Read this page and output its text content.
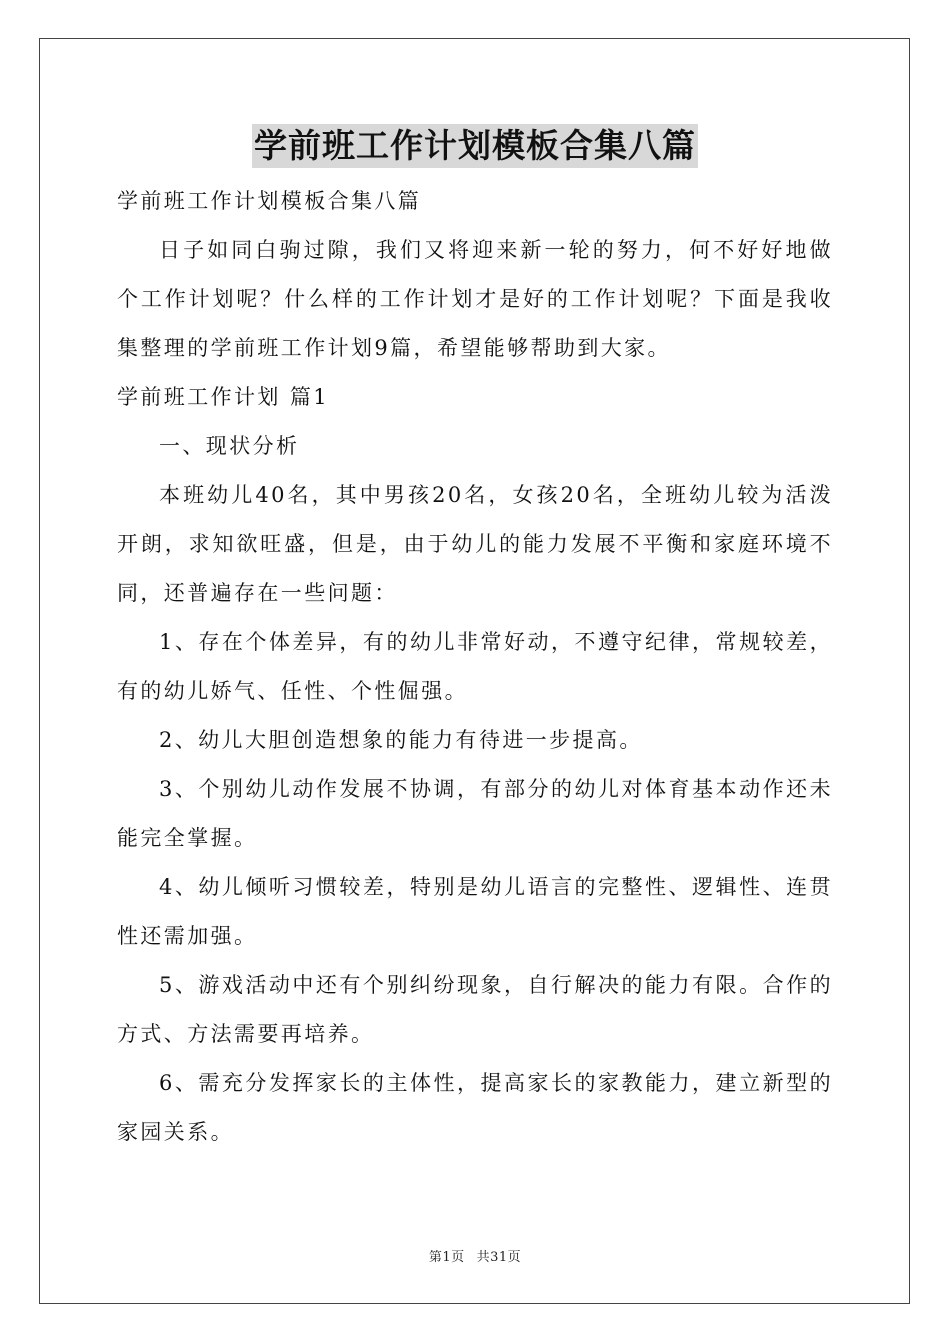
学前班工作计划模板合集八篇

学前班工作计划模板合集八篇

日子如同白驹过隙，我们又将迎来新一轮的努力，何不好好地做个工作计划呢？什么样的工作计划才是好的工作计划呢？下面是我收集整理的学前班工作计划9篇，希望能够帮助到大家。

学前班工作计划 篇1

一、现状分析

本班幼儿40名，其中男孩20名，女孩20名，全班幼儿较为活泼开朗，求知欲旺盛，但是，由于幼儿的能力发展不平衡和家庭环境不同，还普遍存在一些问题：

1、存在个体差异，有的幼儿非常好动，不遵守纪律，常规较差，有的幼儿娇气、任性、个性倔强。

2、幼儿大胆创造想象的能力有待进一步提高。

3、个别幼儿动作发展不协调，有部分的幼儿对体育基本动作还未能完全掌握。

4、幼儿倾听习惯较差，特别是幼儿语言的完整性、逻辑性、连贯性还需加强。

5、游戏活动中还有个别纠纷现象，自行解决的能力有限。合作的方式、方法需要再培养。

6、需充分发挥家长的主体性，提高家长的家教能力，建立新型的家园关系。

第1页 共31页
